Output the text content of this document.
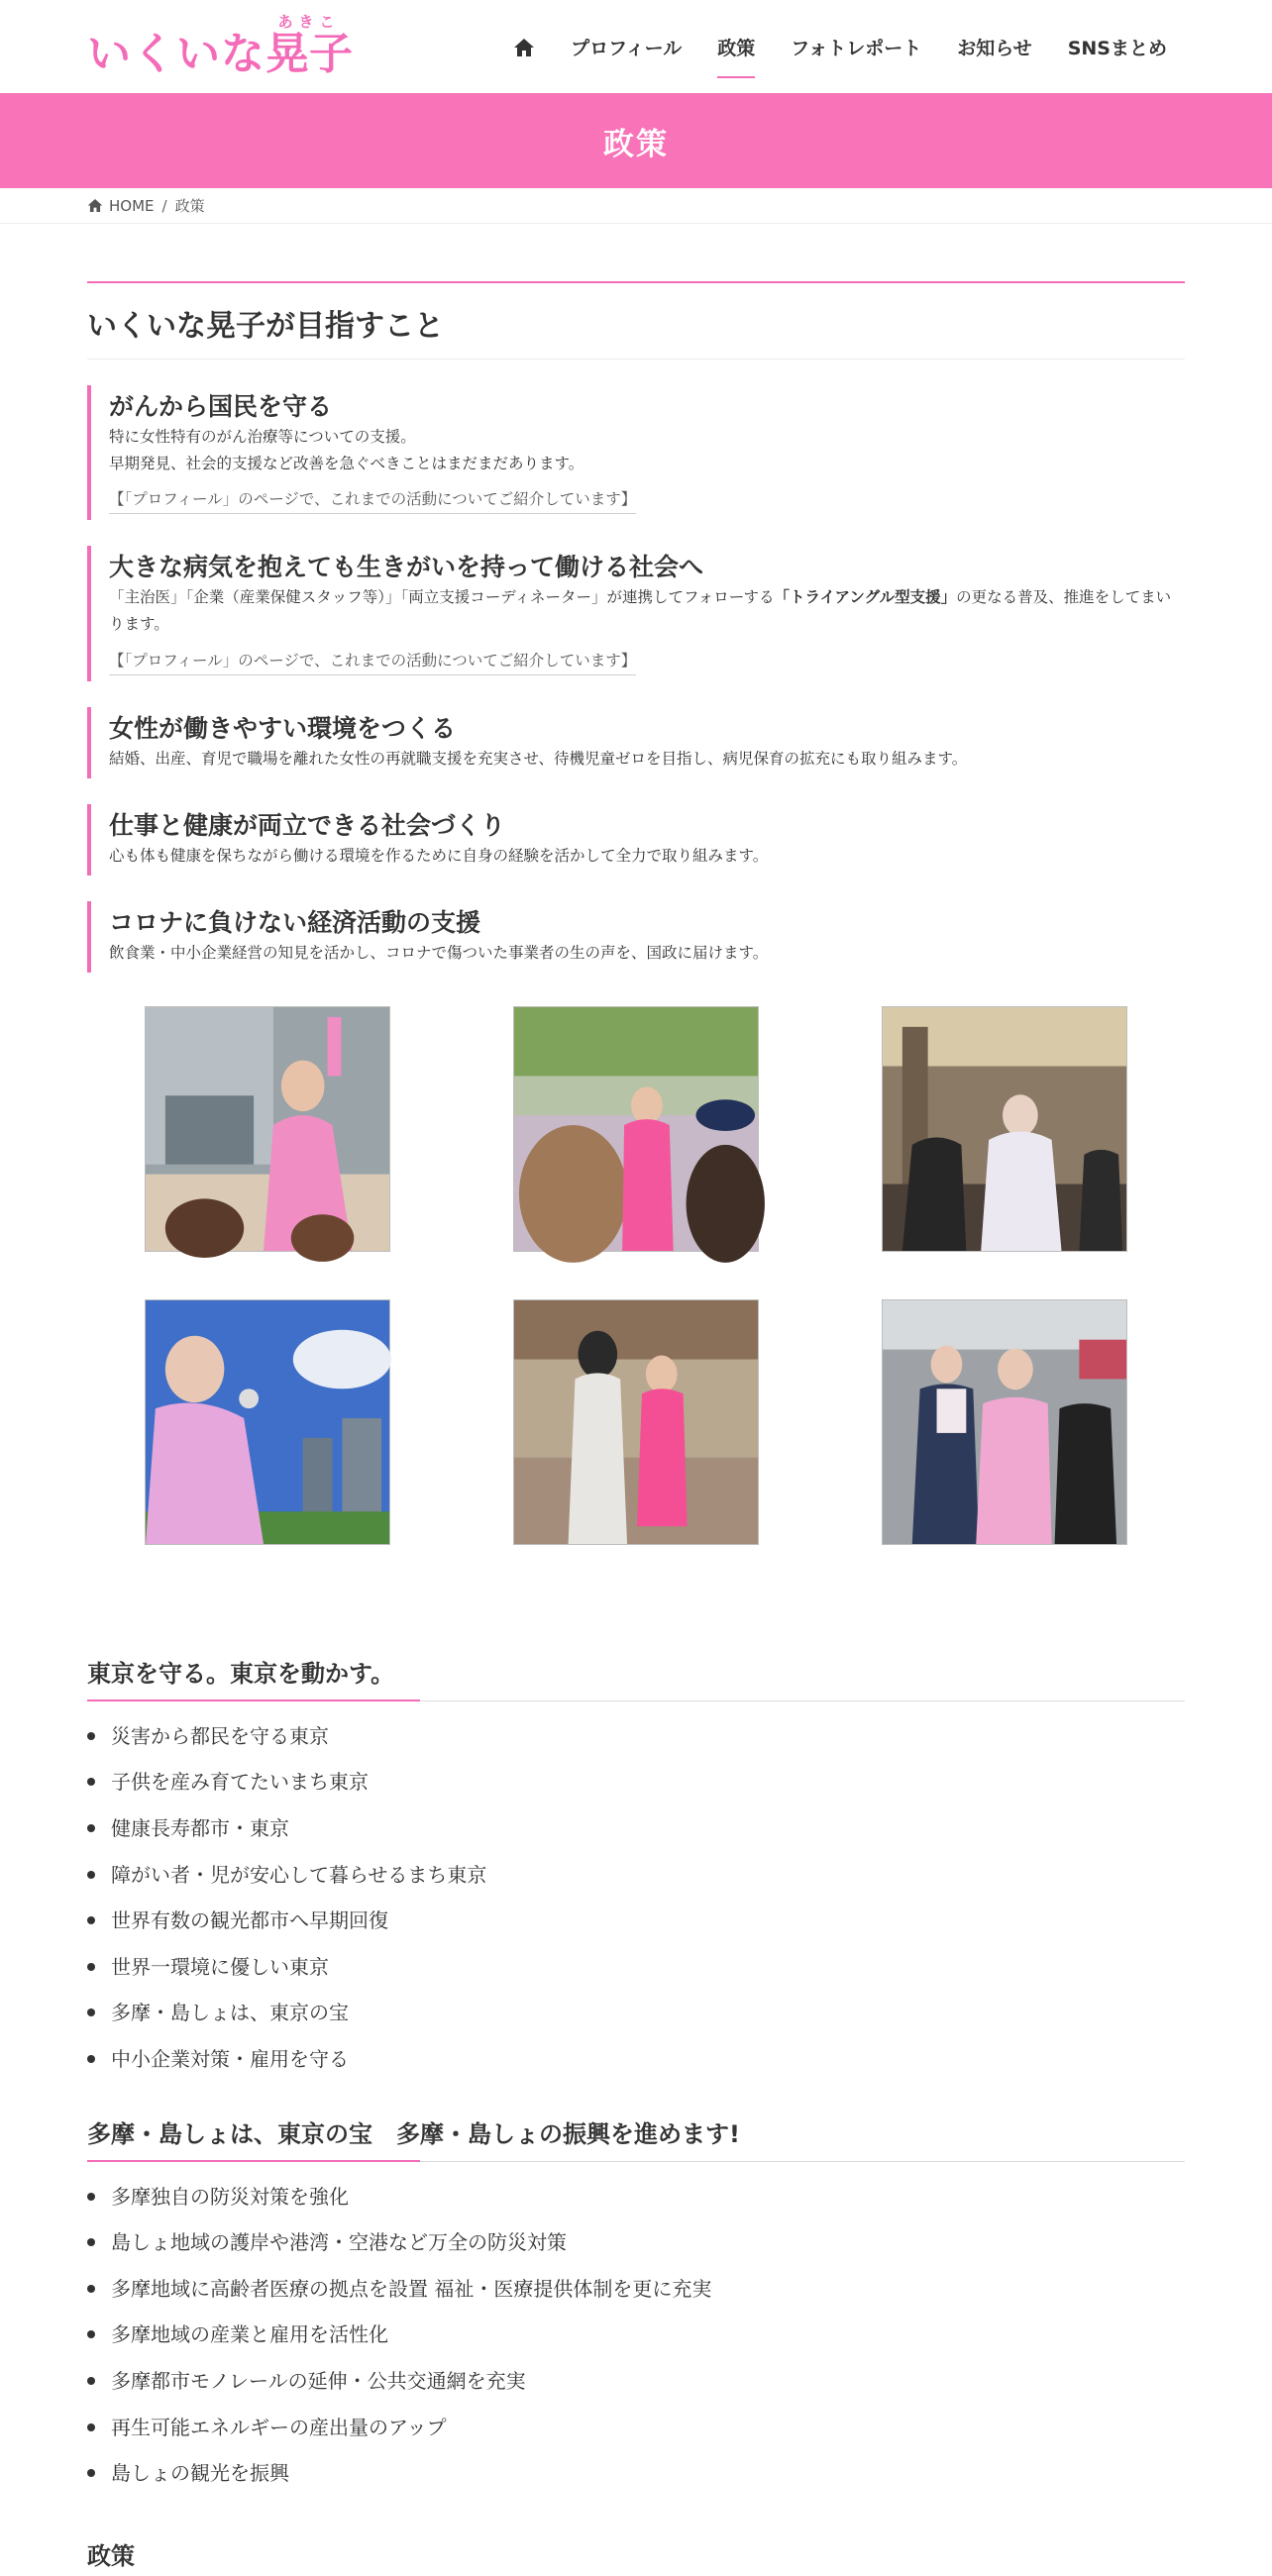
いくいな
あきこ
晃子	プロフィール	政策	フォトレポート	お知らせ	SNSまとめ
政策
HOME / 政策
いくいな晃子が目指すこと
がんから国民を守る

特に女性特有のがん治療等についての支援。

早期発見、社会的支援など改善を急ぐべきことはまだまだあります。

【「プロフィール」のページで、これまでの活動についてご紹介しています】
大きな病気を抱えても生きがいを持って働ける社会へ

「主治医」「企業（産業保健スタッフ等）」「両立支援コーディネーター」が連携してフォローする「トライアングル型支援」の更なる普及、推進をしてまいります。

【「プロフィール」のページで、これまでの活動についてご紹介しています】
女性が働きやすい環境をつくる

結婚、出産、育児で職場を離れた女性の再就職支援を充実させ、待機児童ゼロを目指し、病児保育の拡充にも取り組みます。

仕事と健康が両立できる社会づくり

心も体も健康を保ちながら働ける環境を作るために自身の経験を活かして全力で取り組みます。

コロナに負けない経済活動の支援

飲食業・中小企業経営の知見を活かし、コロナで傷ついた事業者の生の声を、国政に届けます。

東京を守る。東京を動かす。
災害から都民を守る東京
子供を産み育てたいまち東京
健康長寿都市・東京
障がい者・児が安心して暮らせるまち東京
世界有数の観光都市へ早期回復
世界一環境に優しい東京
多摩・島しょは、東京の宝
中小企業対策・雇用を守る
多摩・島しょは、東京の宝　多摩・島しょの振興を進めます!
多摩独自の防災対策を強化
島しょ地域の護岸や港湾・空港など万全の防災対策
多摩地域に高齢者医療の拠点を設置 福祉・医療提供体制を更に充実
多摩地域の産業と雇用を活性化
多摩都市モノレールの延伸・公共交通網を充実
再生可能エネルギーの産出量のアップ
島しょの観光を振興
政策
